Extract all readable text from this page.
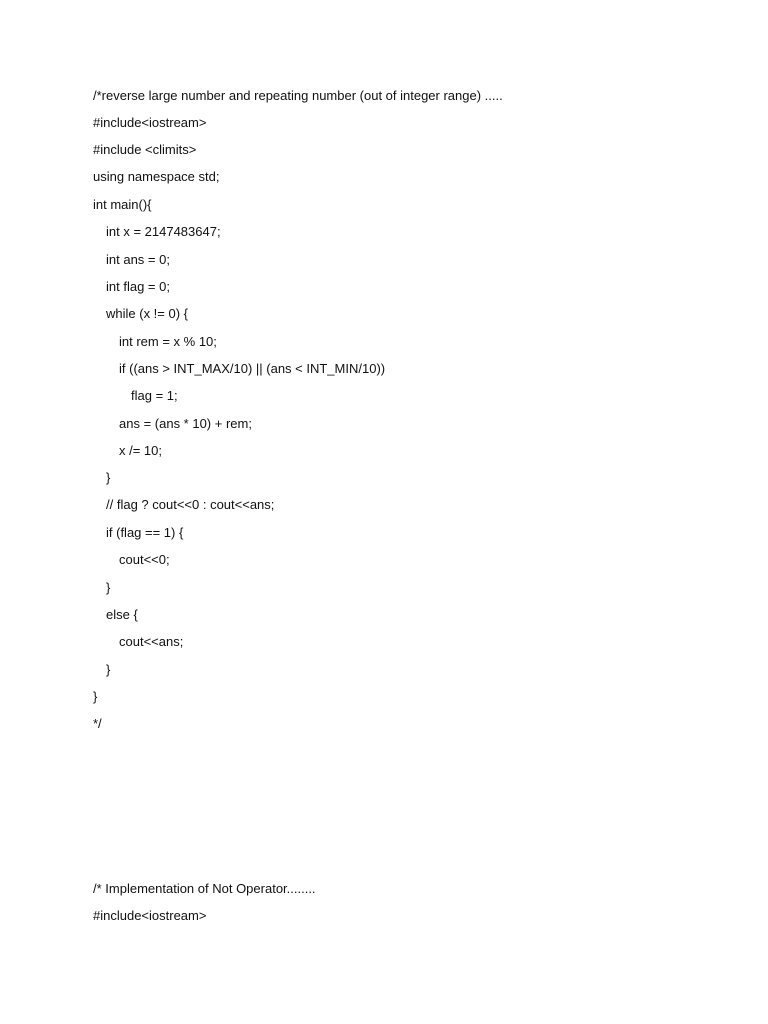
/*reverse large number and repeating number (out of integer range) .....
#include<iostream>
#include <climits>
using namespace std;
int main(){
int x = 2147483647;
int ans = 0;
int flag = 0;
while (x != 0) {
int rem = x % 10;
if ((ans > INT_MAX/10) || (ans < INT_MIN/10))
flag = 1;
ans = (ans * 10) + rem;
x /= 10;
}
// flag ? cout<<0 : cout<<ans;
if (flag == 1) {
cout<<0;
}
else {
cout<<ans;
}
}
*/
/* Implementation of Not Operator........
#include<iostream>
